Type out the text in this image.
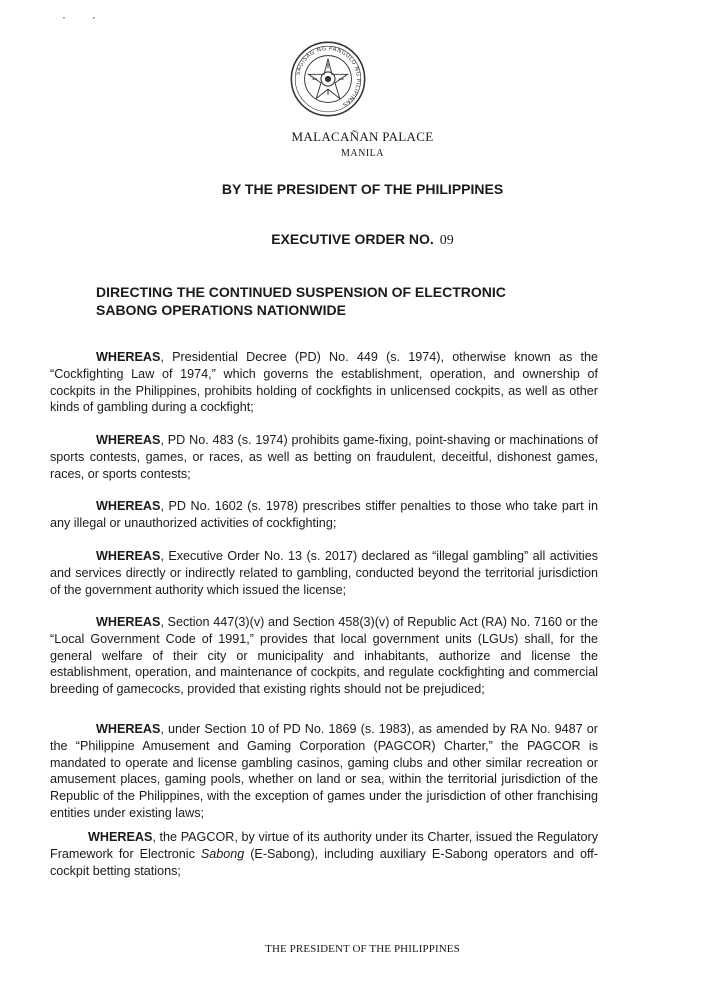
··
SAGISAG NG PANGULO NG PILIPINAS
MALACAÑAN PALACE
MANILA
BY THE PRESIDENT OF THE PHILIPPINES
EXECUTIVE ORDER NO. 09
DIRECTING THE CONTINUED SUSPENSION OF ELECTRONIC SABONG OPERATIONS NATIONWIDE
WHEREAS, Presidential Decree (PD) No. 449 (s. 1974), otherwise known as the “Cockfighting Law of 1974,” which governs the establishment, operation, and ownership of cockpits in the Philippines, prohibits holding of cockfights in unlicensed cockpits, as well as other kinds of gambling during a cockfight;
WHEREAS, PD No. 483 (s. 1974) prohibits game-fixing, point-shaving or machinations of sports contests, games, or races, as well as betting on fraudulent, deceitful, dishonest games, races, or sports contests;
WHEREAS, PD No. 1602 (s. 1978) prescribes stiffer penalties to those who take part in any illegal or unauthorized activities of cockfighting;
WHEREAS, Executive Order No. 13 (s. 2017) declared as “illegal gambling” all activities and services directly or indirectly related to gambling, conducted beyond the territorial jurisdiction of the government authority which issued the license;
WHEREAS, Section 447(3)(v) and Section 458(3)(v) of Republic Act (RA) No. 7160 or the “Local Government Code of 1991,” provides that local government units (LGUs) shall, for the general welfare of their city or municipality and inhabitants, authorize and license the establishment, operation, and maintenance of cockpits, and regulate cockfighting and commercial breeding of gamecocks, provided that existing rights should not be prejudiced;
WHEREAS, under Section 10 of PD No. 1869 (s. 1983), as amended by RA No. 9487 or the “Philippine Amusement and Gaming Corporation (PAGCOR) Charter,” the PAGCOR is mandated to operate and license gambling casinos, gaming clubs and other similar recreation or amusement places, gaming pools, whether on land or sea, within the territorial jurisdiction of the Republic of the Philippines, with the exception of games under the jurisdiction of other franchising entities under existing laws;
WHEREAS, the PAGCOR, by virtue of its authority under its Charter, issued the Regulatory Framework for Electronic Sabong (E-Sabong), including auxiliary E-Sabong operators and off-cockpit betting stations;
THE PRESIDENT OF THE PHILIPPINES
